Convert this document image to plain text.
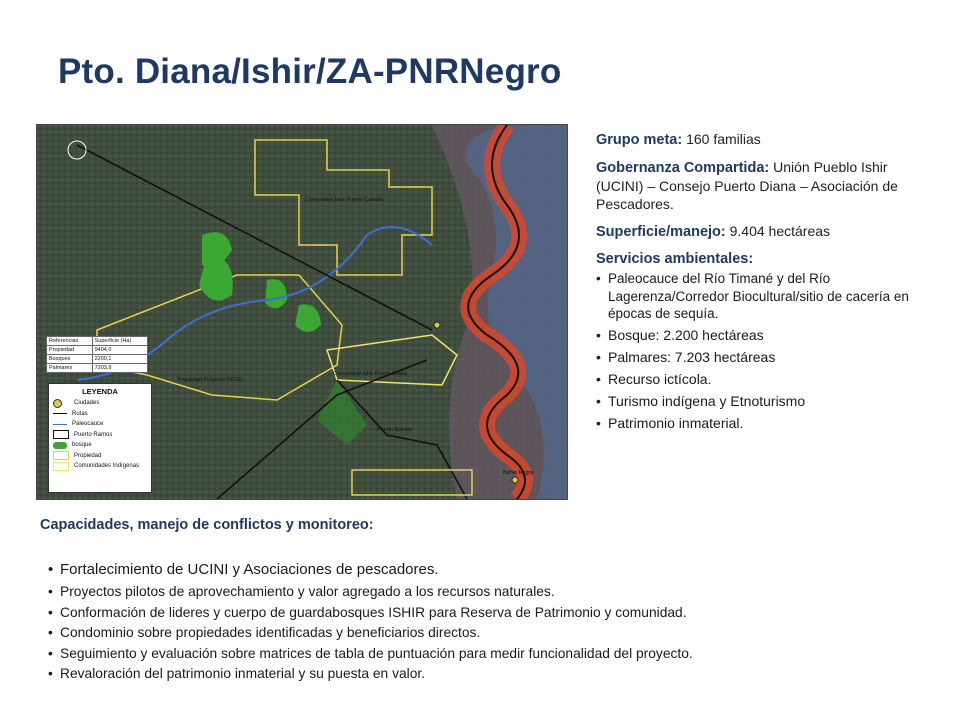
Pto. Diana/Ishir/ZA-PNRNegro
Comunidad Ishir Puerto Caballo
Propiedad Proyecto REDD
Comunidad Ishir Puerto Diana
Puerto Ramos
Bahia Negra
Referencias	Superficie (Ha)
Propiedad	9404,0
Bosques	2200,1
Palmares	7203,9
LEYENDA
Ciudades
Rutas
Paleocauce
Puerto Ramos
bosque
Propiedad
Comunidades Indígenas
Grupo meta: 160 familias
Gobernanza Compartida: Unión Pueblo Ishir (UCINI) – Consejo Puerto Diana – Asociación de Pescadores.
Superficie/manejo: 9.404 hectáreas
Servicios ambientales:
• Paleocauce del Río Timané y del Río Lagerenza/Corredor Biocultural/sitio de cacería en épocas de sequía.
• Bosque: 2.200 hectáreas
• Palmares: 7.203 hectáreas
• Recurso ictícola.
• Turismo indígena y Etnoturismo
• Patrimonio inmaterial.
Capacidades, manejo de conflictos y monitoreo:
• Fortalecimiento de UCINI y Asociaciones de pescadores.
• Proyectos pilotos de aprovechamiento y valor agregado a los recursos naturales.
• Conformación de lideres y cuerpo de guardabosques ISHIR para Reserva de Patrimonio y comunidad.
• Condominio sobre propiedades identificadas y beneficiarios directos.
• Seguimiento y evaluación sobre matrices de tabla de puntuación para medir funcionalidad del proyecto.
• Revaloración del patrimonio inmaterial y su puesta en valor.
